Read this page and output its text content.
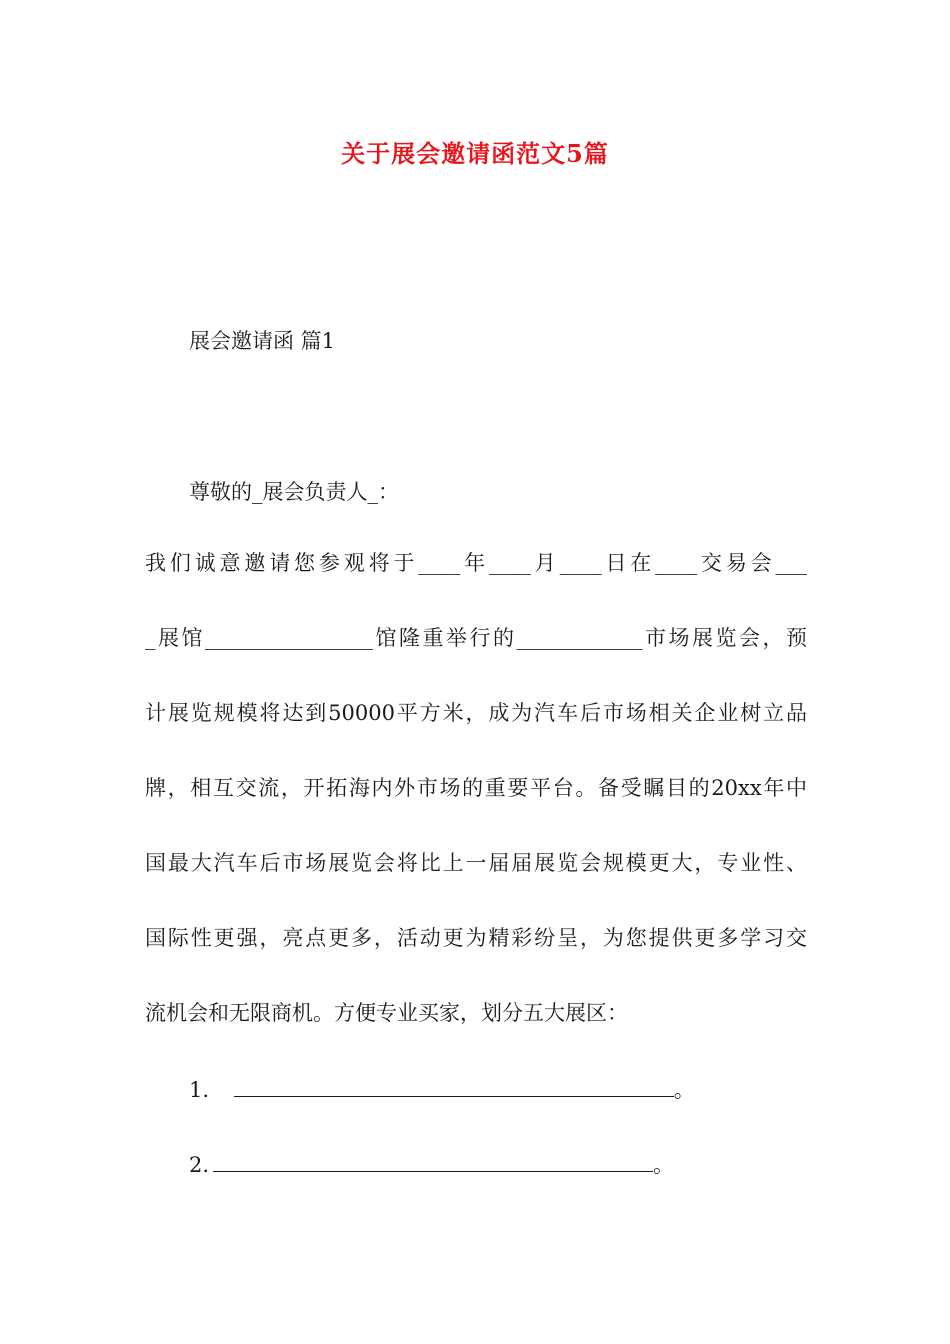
关于展会邀请函范文5篇
展会邀请函 篇1
尊敬的_展会负责人_：
我们诚意邀请您参观将于____年____月____日在____交易会___
_展馆________________馆隆重举行的____________市场展览会，预
计展览规模将达到50000平方米，成为汽车后市场相关企业树立品
牌，相互交流，开拓海内外市场的重要平台。备受瞩目的20xx年中
国最大汽车后市场展览会将比上一届届展览会规模更大，专业性、
国际性更强，亮点更多，活动更为精彩纷呈，为您提供更多学习交
流机会和无限商机。方便专业买家，划分五大展区：
1.	。
2.	。
